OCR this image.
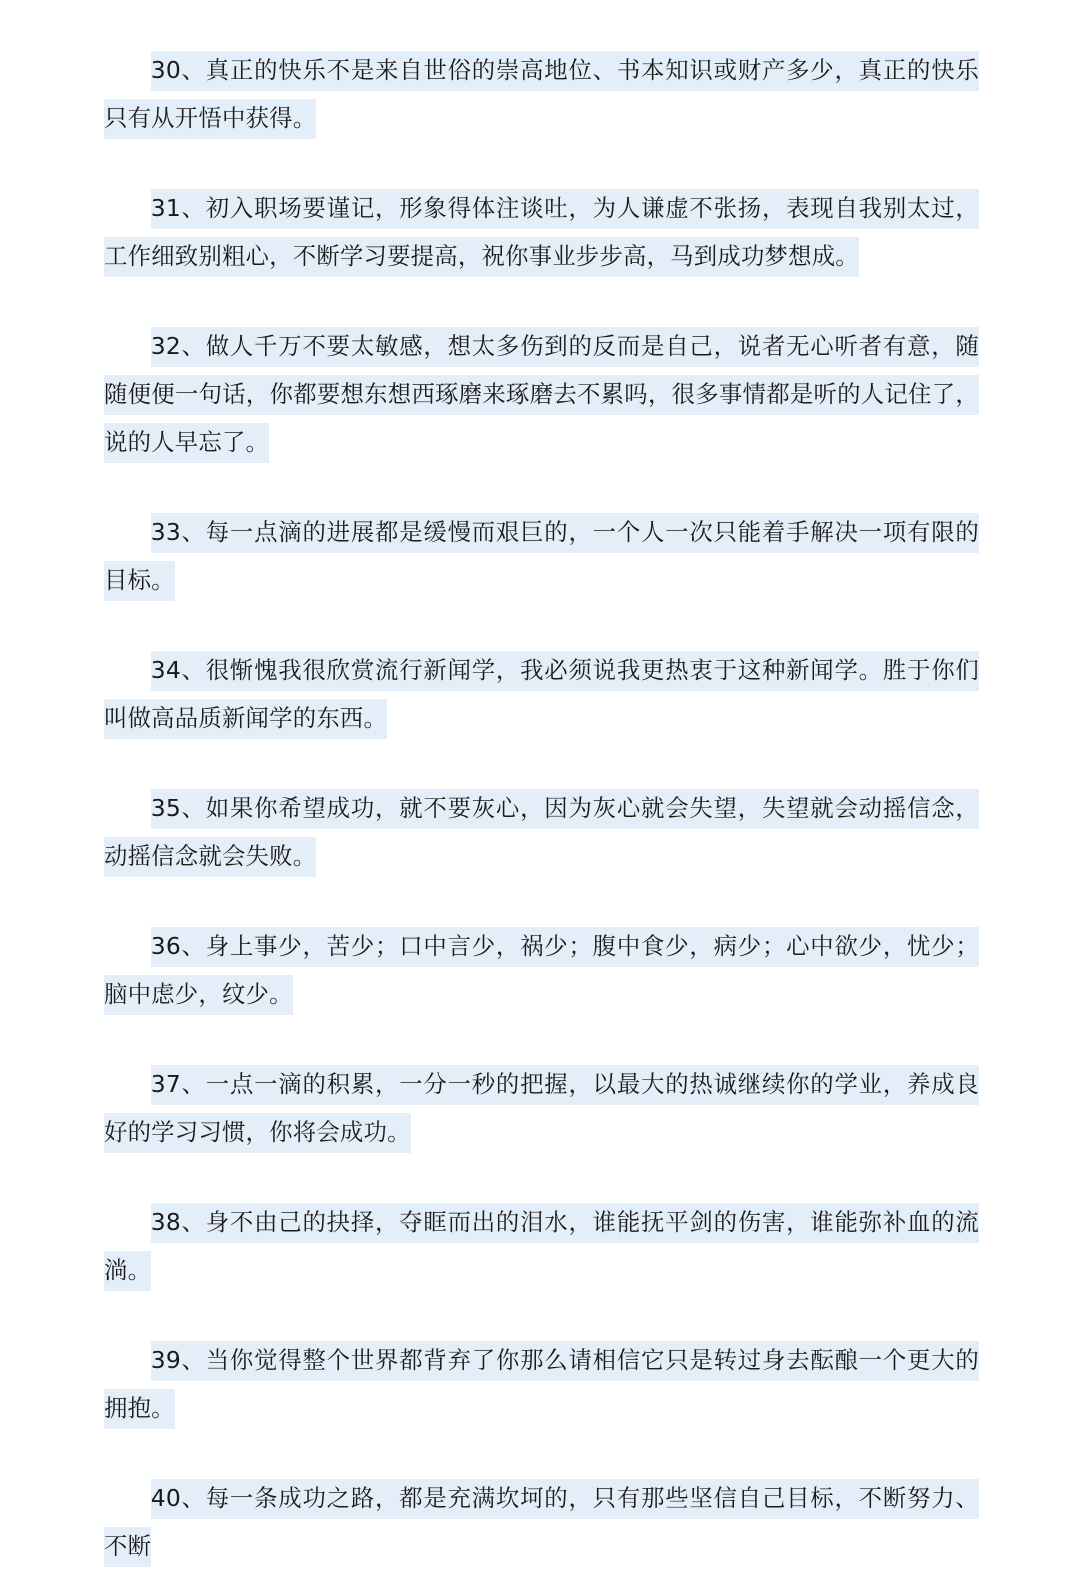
30、真正的快乐不是来自世俗的崇高地位、书本知识或财产多少，真正的快乐只有从开悟中获得。

31、初入职场要谨记，形象得体注谈吐，为人谦虚不张扬，表现自我别太过，工作细致别粗心，不断学习要提高，祝你事业步步高，马到成功梦想成。

32、做人千万不要太敏感，想太多伤到的反而是自己，说者无心听者有意，随随便便一句话，你都要想东想西琢磨来琢磨去不累吗，很多事情都是听的人记住了，说的人早忘了。

33、每一点滴的进展都是缓慢而艰巨的，一个人一次只能着手解决一项有限的目标。

34、很惭愧我很欣赏流行新闻学，我必须说我更热衷于这种新闻学。胜于你们叫做高品质新闻学的东西。

35、如果你希望成功，就不要灰心，因为灰心就会失望，失望就会动摇信念，动摇信念就会失败。

36、身上事少，苦少；口中言少，祸少；腹中食少，病少；心中欲少，忧少；脑中虑少，纹少。

37、一点一滴的积累，一分一秒的把握，以最大的热诚继续你的学业，养成良好的学习习惯，你将会成功。

38、身不由己的抉择，夺眶而出的泪水，谁能抚平剑的伤害，谁能弥补血的流淌。

39、当你觉得整个世界都背弃了你那么请相信它只是转过身去酝酿一个更大的拥抱。

40、每一条成功之路，都是充满坎坷的，只有那些坚信自己目标，不断努力、不断
